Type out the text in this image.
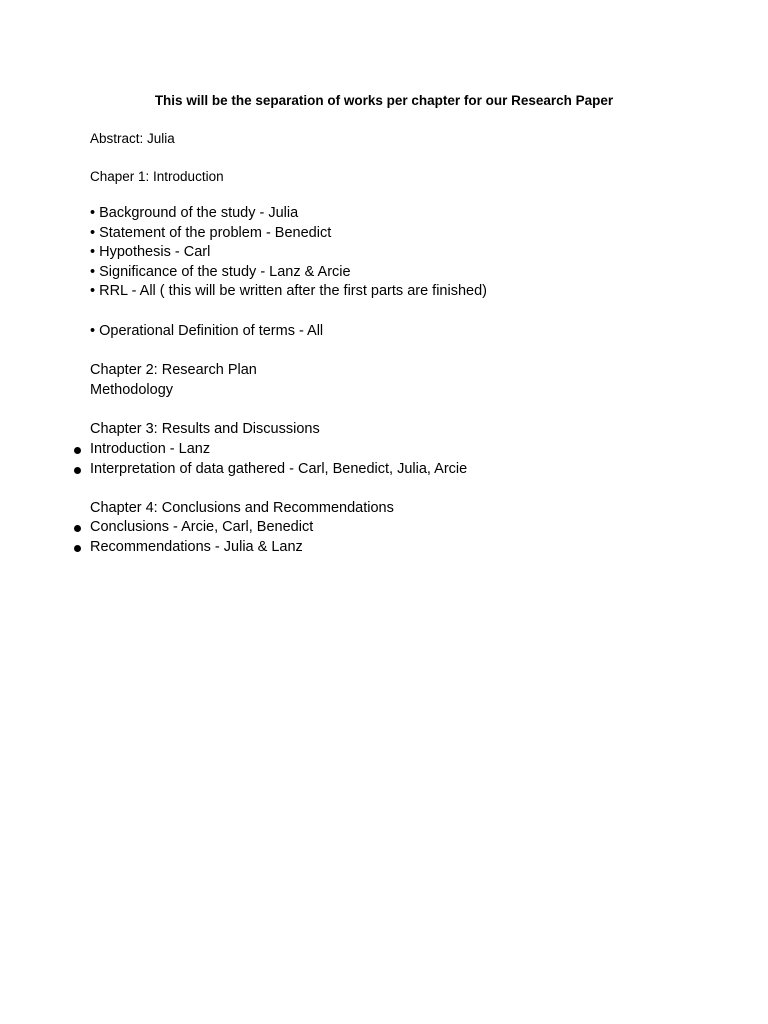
This will be the separation of works per chapter for our Research Paper

Abstract: Julia

Chaper 1: Introduction

• Background of the study - Julia
• Statement of the problem - Benedict
• Hypothesis - Carl
• Significance of the study - Lanz & Arcie
• RRL - All ( this will be written after the first parts are finished)

• Operational Definition of terms - All

Chapter 2: Research Plan

Methodology

Chapter 3: Results and Discussions

Introduction - Lanz
Interpretation of data gathered - Carl, Benedict, Julia, Arcie

Chapter 4: Conclusions and Recommendations

Conclusions - Arcie, Carl, Benedict
Recommendations - Julia & Lanz
